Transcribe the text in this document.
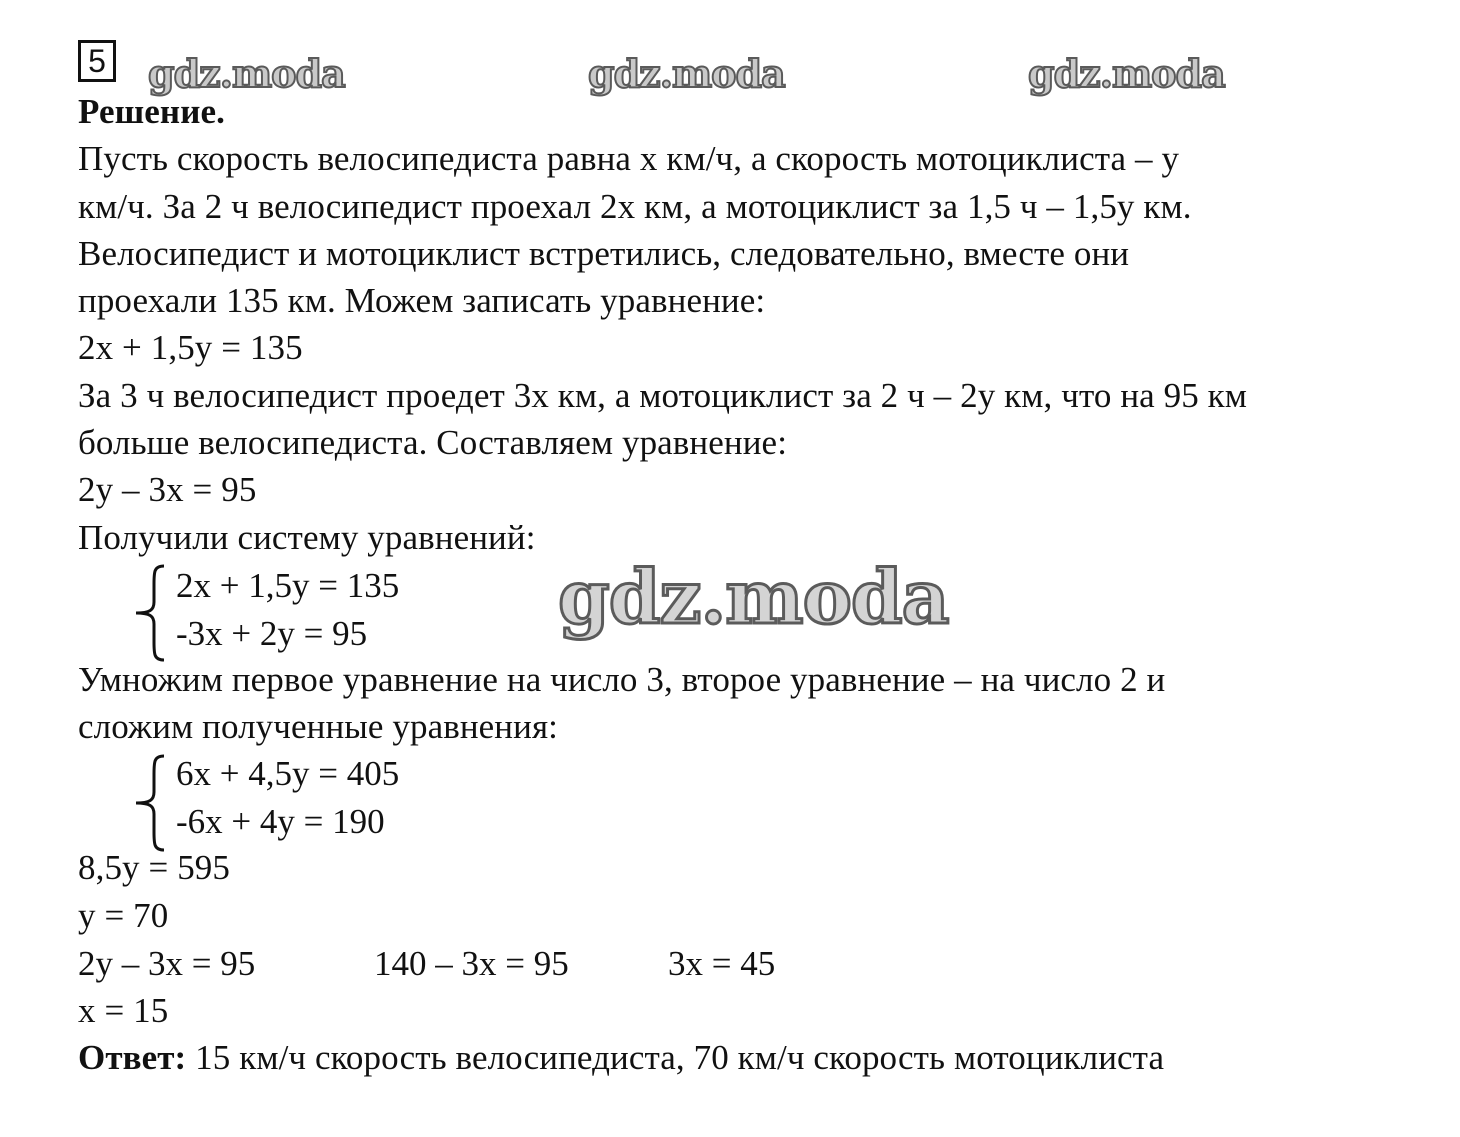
5 gdz.moda	gdz.moda	gdz.moda
Решение.
Пусть скорость велосипедиста равна x км/ч, а скорость мотоциклиста – y
км/ч. За 2 ч велосипедист проехал 2x км, а мотоциклист за 1,5 ч – 1,5y км.
Велосипедист и мотоциклист встретились, следовательно, вместе они
проехали 135 км. Можем записать уравнение:
2x + 1,5y = 135
За 3 ч велосипедист проедет 3x км, а мотоциклист за 2 ч – 2y км, что на 95 км
больше велосипедиста. Составляем уравнение:
2y – 3x = 95
Получили систему уравнений:
2x + 1,5y = 135
-3x + 2y = 95	gdz.moda
Умножим первое уравнение на число 3, второе уравнение – на число 2 и
сложим полученные уравнения:
6x + 4,5y = 405
-6x + 4y = 190
8,5y = 595
y = 70
2y – 3x = 95	140 – 3x = 95	3x = 45
x = 15
Ответ: 15 км/ч скорость велосипедиста, 70 км/ч скорость мотоциклиста
